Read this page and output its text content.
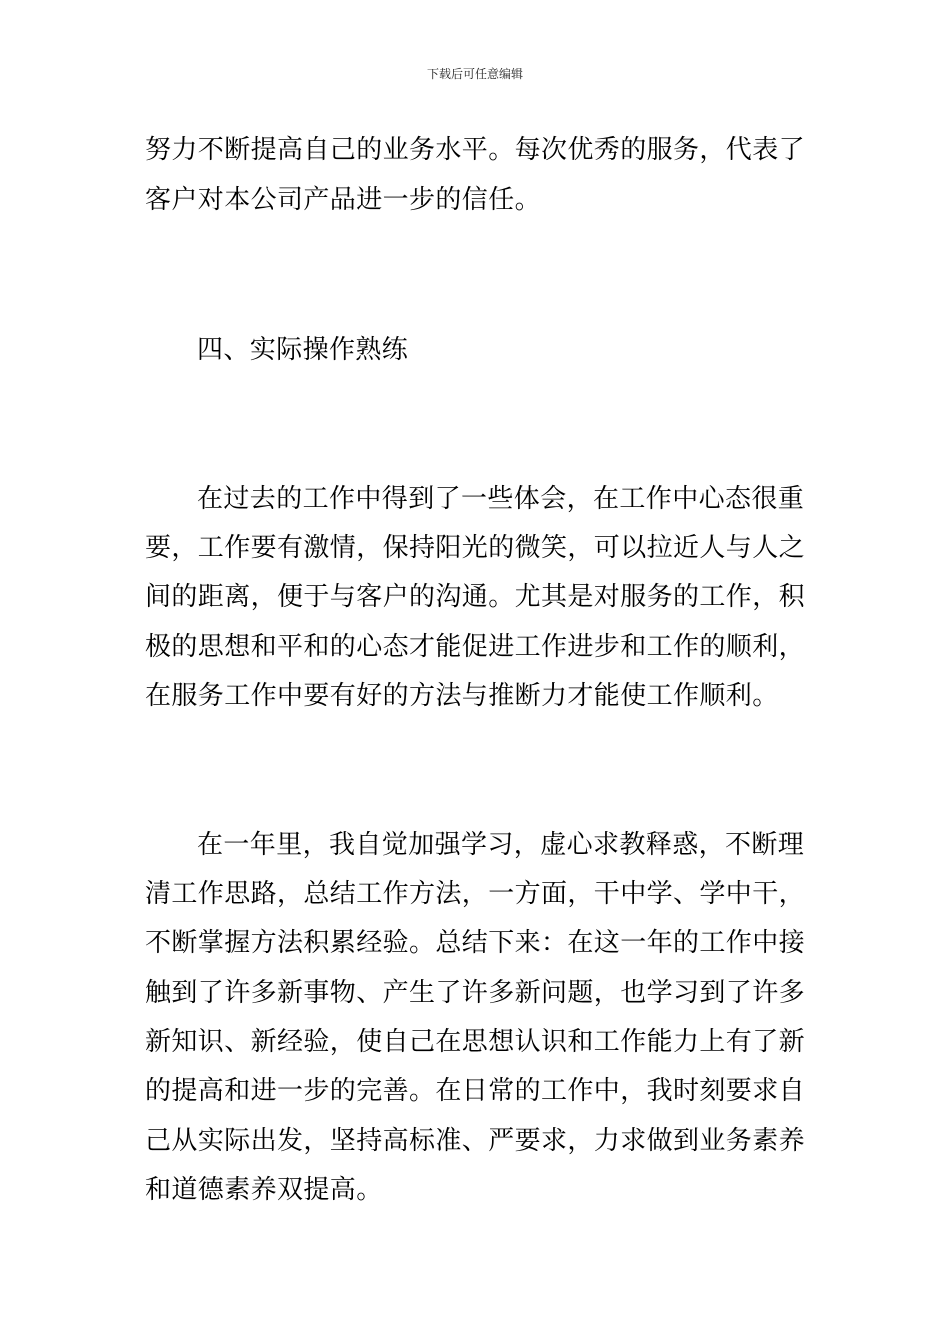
下载后可任意编辑
努力不断提高自己的业务水平。每次优秀的服务，代表了
客户对本公司产品进一步的信任。
四、实际操作熟练
在过去的工作中得到了一些体会，在工作中心态很重
要，工作要有激情，保持阳光的微笑，可以拉近人与人之
间的距离，便于与客户的沟通。尤其是对服务的工作，积
极的思想和平和的心态才能促进工作进步和工作的顺利，
在服务工作中要有好的方法与推断力才能使工作顺利。
在一年里，我自觉加强学习，虚心求教释惑，不断理
清工作思路，总结工作方法，一方面，干中学、学中干，
不断掌握方法积累经验。总结下来：在这一年的工作中接
触到了许多新事物、产生了许多新问题，也学习到了许多
新知识、新经验，使自己在思想认识和工作能力上有了新
的提高和进一步的完善。在日常的工作中，我时刻要求自
己从实际出发，坚持高标准、严要求，力求做到业务素养
和道德素养双提高。
